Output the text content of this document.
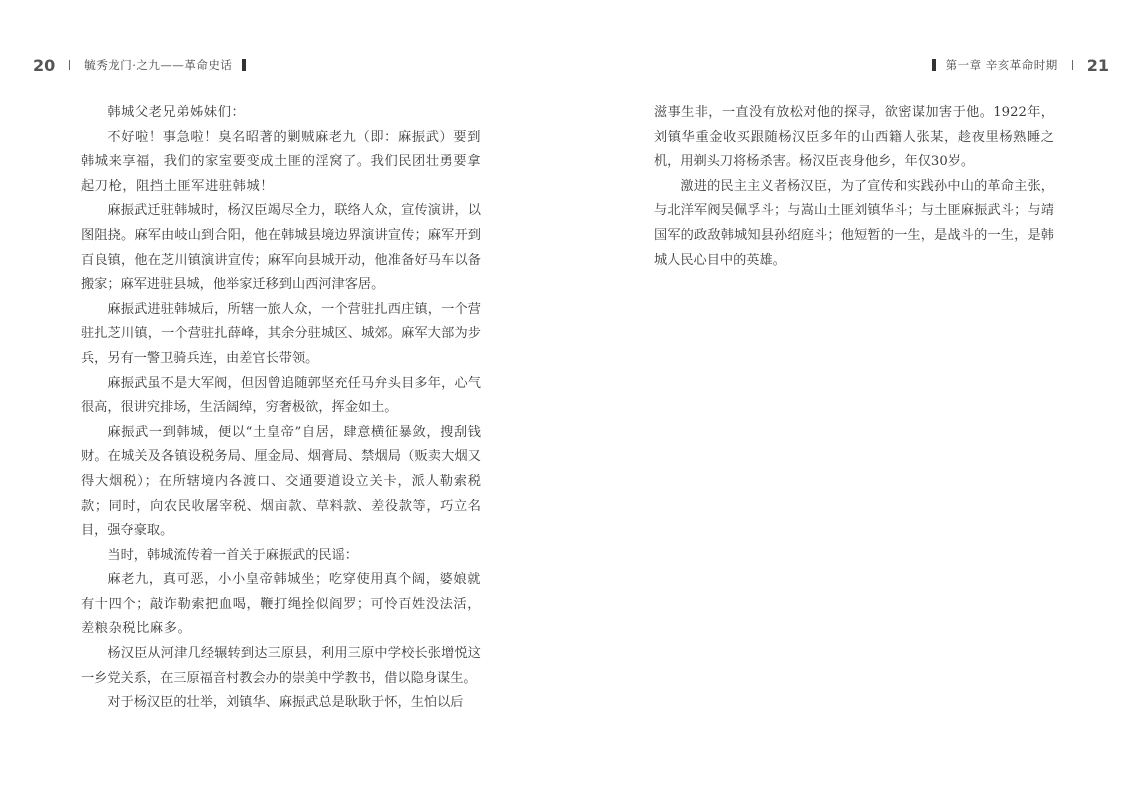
20	毓秀龙门·之九——革命史话	第一章 辛亥革命时期 21

韩城父老兄弟姊妹们：

不好啦！事急啦！臭名昭著的剿贼麻老九（即：麻振武）要到韩城来享福，我们的家室要变成土匪的淫窝了。我们民团壮勇要拿起刀枪，阻挡土匪军进驻韩城！

麻振武迁驻韩城时，杨汉臣竭尽全力，联络人众，宣传演讲，以图阻挠。麻军由岐山到合阳，他在韩城县境边界演讲宣传；麻军开到百良镇，他在芝川镇演讲宣传；麻军向县城开动，他准备好马车以备搬家；麻军进驻县城，他举家迁移到山西河津客居。

麻振武进驻韩城后，所辖一旅人众，一个营驻扎西庄镇，一个营驻扎芝川镇，一个营驻扎薛峰，其余分驻城区、城郊。麻军大部为步兵，另有一警卫骑兵连，由差官长带领。

麻振武虽不是大军阀，但因曾追随郭坚充任马弁头目多年，心气很高，很讲究排场，生活阔绰，穷奢极欲，挥金如土。

麻振武一到韩城，便以“土皇帝”自居，肆意横征暴敛，搜刮钱财。在城关及各镇设税务局、厘金局、烟膏局、禁烟局（贩卖大烟又得大烟税）；在所辖境内各渡口、交通要道设立关卡，派人勒索税款；同时，向农民收屠宰税、烟亩款、草料款、差役款等，巧立名目，强夺豪取。

当时，韩城流传着一首关于麻振武的民谣：

麻老九，真可恶，小小皇帝韩城坐；吃穿使用真个阔，婆娘就有十四个；敲诈勒索把血喝，鞭打绳拴似阎罗；可怜百姓没法活，差粮杂税比麻多。

杨汉臣从河津几经辗转到达三原县，利用三原中学校长张增悦这一乡党关系，在三原福音村教会办的崇美中学教书，借以隐身谋生。

对于杨汉臣的壮举，刘镇华、麻振武总是耿耿于怀，生怕以后

滋事生非，一直没有放松对他的探寻，欲密谋加害于他。1922年，刘镇华重金收买跟随杨汉臣多年的山西籍人张某，趁夜里杨熟睡之机，用剃头刀将杨杀害。杨汉臣丧身他乡，年仅30岁。

激进的民主主义者杨汉臣，为了宣传和实践孙中山的革命主张，与北洋军阀吴佩孚斗；与嵩山土匪刘镇华斗；与土匪麻振武斗；与靖国军的政敌韩城知县孙绍庭斗；他短暂的一生，是战斗的一生，是韩城人民心目中的英雄。
